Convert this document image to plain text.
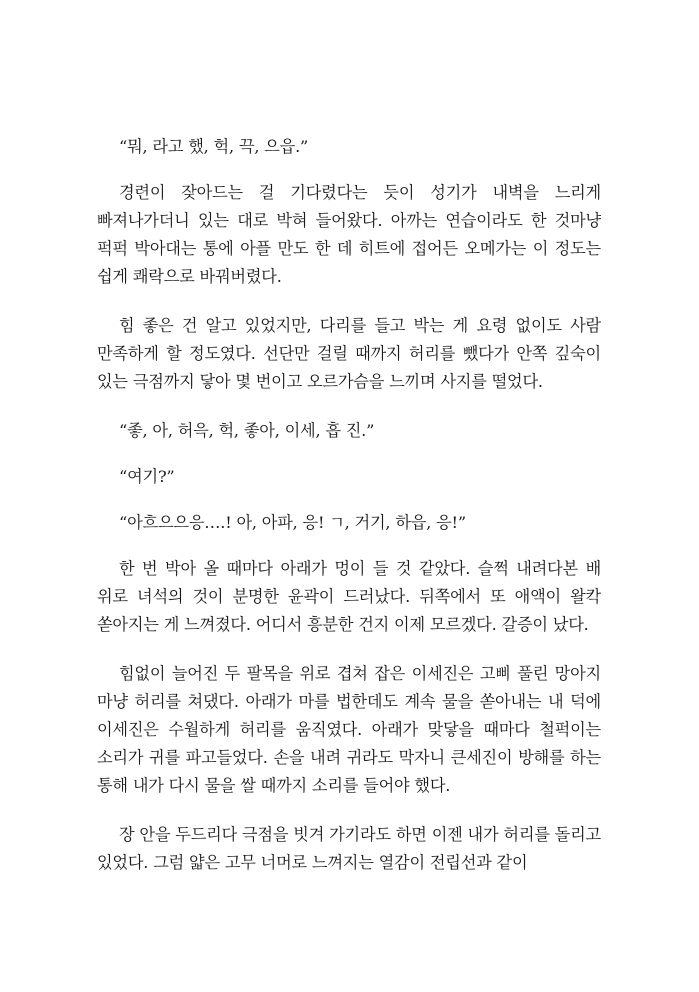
“뭐, 라고 했, 헉, 끅, 으읍.”

경련이 잦아드는 걸 기다렸다는 듯이 성기가 내벽을 느리게 빠져나가더니 있는 대로 박혀 들어왔다. 아까는 연습이라도 한 것마냥 퍽퍽 박아대는 통에 아플 만도 한 데 히트에 접어든 오메가는 이 정도는 쉽게 쾌락으로 바꿔버렸다.

힘 좋은 건 알고 있었지만, 다리를 들고 박는 게 요령 없이도 사람 만족하게 할 정도였다. 선단만 걸릴 때까지 허리를 뺐다가 안쪽 깊숙이 있는 극점까지 닿아 몇 번이고 오르가슴을 느끼며 사지를 떨었다.

“좋, 아, 허윽, 헉, 좋아, 이세, 흡 진.”

“여기?”

“아흐으으응….! 아, 아파, 응! ㄱ, 거기, 하읍, 응!”

한 번 박아 올 때마다 아래가 멍이 들 것 같았다. 슬쩍 내려다본 배 위로 녀석의 것이 분명한 윤곽이 드러났다. 뒤쪽에서 또 애액이 왈칵 쏟아지는 게 느껴졌다. 어디서 흥분한 건지 이제 모르겠다. 갈증이 났다.

힘없이 늘어진 두 팔목을 위로 겹쳐 잡은 이세진은 고삐 풀린 망아지 마냥 허리를 쳐댔다. 아래가 마를 법한데도 계속 물을 쏟아내는 내 덕에 이세진은 수월하게 허리를 움직였다. 아래가 맞닿을 때마다 철퍽이는 소리가 귀를 파고들었다. 손을 내려 귀라도 막자니 큰세진이 방해를 하는 통해 내가 다시 물을 쌀 때까지 소리를 들어야 했다.

장 안을 두드리다 극점을 빗겨 가기라도 하면 이젠 내가 허리를 돌리고 있었다. 그럼 얇은 고무 너머로 느껴지는 열감이 전립선과 같이
